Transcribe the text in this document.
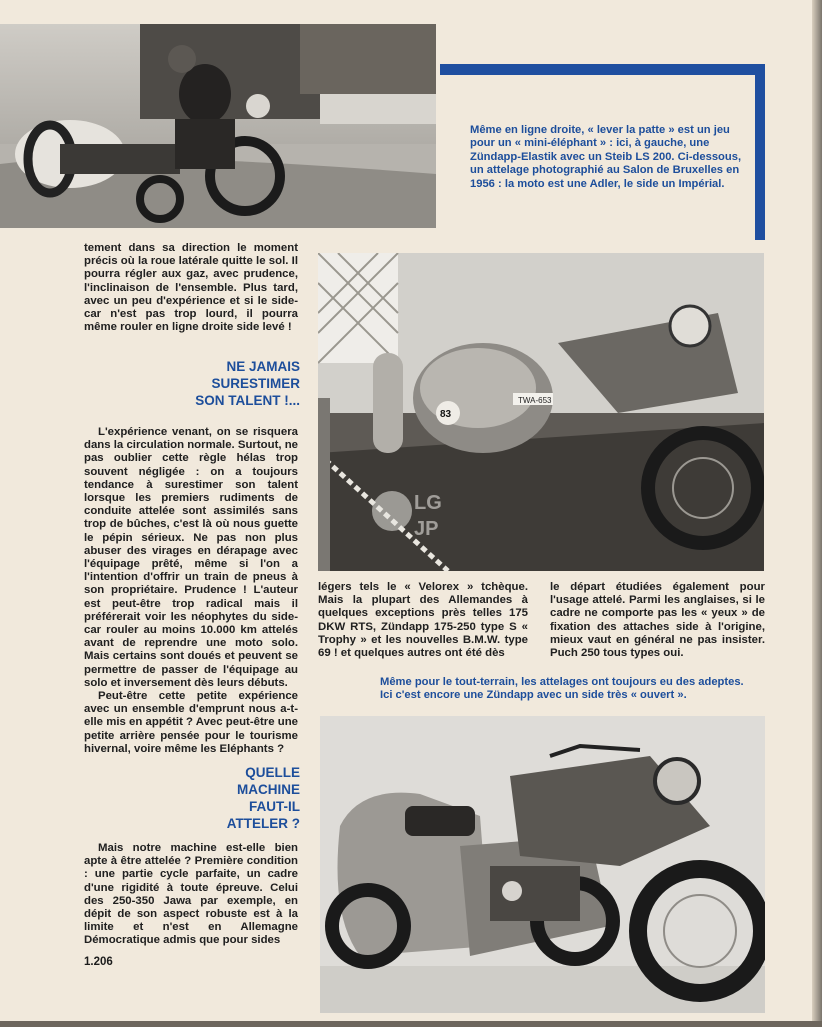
Même en ligne droite, « lever la patte » est un jeu pour un « mini-éléphant » : ici, à gauche, une Zündapp-Elastik avec un Steib LS 200. Ci-dessous, un attelage photographié au Salon de Bruxelles en 1956 : la moto est une Adler, le side un Impérial.

tement dans sa direction le moment précis où la roue latérale quitte le sol. Il pourra régler aux gaz, avec prudence, l'inclinaison de l'ensemble. Plus tard, avec un peu d'expérience et si le side-car n'est pas trop lourd, il pourra même rouler en ligne droite side levé !

TWA-653
83
LG
JP
NE JAMAIS
SURESTIMER
SON TALENT !...

L'expérience venant, on se risquera dans la circulation normale. Surtout, ne pas oublier cette règle hélas trop souvent négligée : on a toujours tendance à surestimer son talent lorsque les premiers rudiments de conduite attelée sont assimilés sans trop de bûches, c'est là où nous guette le pépin sérieux. Ne pas non plus abuser des virages en dérapage avec l'équipage prêté, même si l'on a l'intention d'offrir un train de pneus à son propriétaire. Prudence ! L'auteur est peut-être trop radical mais il préférerait voir les néophytes du side-car rouler au moins 10.000 km attelés avant de reprendre une moto solo. Mais certains sont doués et peuvent se permettre de passer de l'équipage au solo et inversement dès leurs débuts.

Peut-être cette petite expérience avec un ensemble d'emprunt nous a-t-elle mis en appétit ? Avec peut-être une petite arrière pensée pour le tourisme hivernal, voire même les Eléphants ?

légers tels le « Velorex » tchèque. Mais la plupart des Allemandes à quelques exceptions près telles 175 DKW RTS, Zündapp 175-250 type S « Trophy » et les nouvelles B.M.W. type 69 ! et quelques autres ont été dès

le départ étudiées également pour l'usage attelé. Parmi les anglaises, si le cadre ne comporte pas les « yeux » de fixation des attaches side à l'origine, mieux vaut en général ne pas insister. Puch 250 tous types oui.

Même pour le tout-terrain, les attelages ont toujours eu des adeptes. Ici c'est encore une Zündapp avec un side très « ouvert ».

QUELLE
MACHINE
FAUT-IL
ATTELER ?

Mais notre machine est-elle bien apte à être attelée ? Première condition : une partie cycle parfaite, un cadre d'une rigidité à toute épreuve. Celui des 250-350 Jawa par exemple, en dépit de son aspect robuste est à la limite et n'est en Allemagne Démocratique admis que pour sides

1.206
